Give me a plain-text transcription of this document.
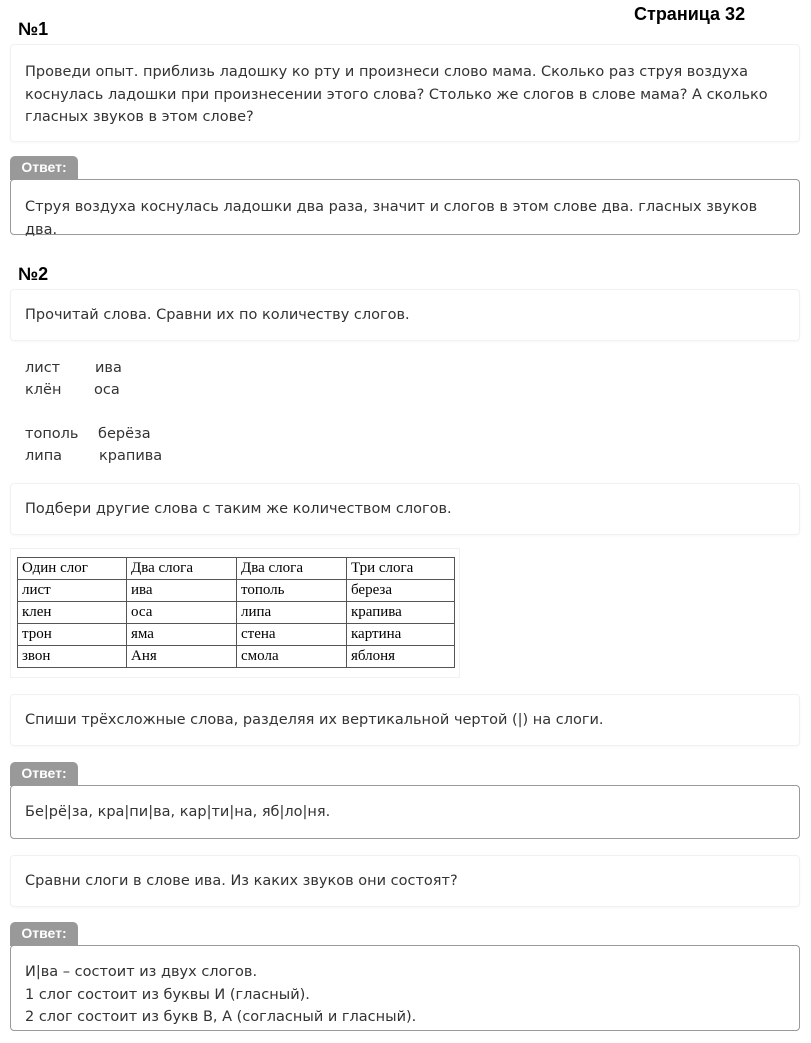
Страница 32
№1
Проведи опыт. приблизь ладошку ко рту и произнеси слово мама. Сколько раз струя воздуха
коснулась ладошки при произнесении этого слова? Столько же слогов в слове мама? А сколько
гласных звуков в этом слове?
Ответ:
Струя воздуха коснулась ладошки два раза, значит и слогов в этом слове два. гласных звуков два.
№2
Прочитай слова. Сравни их по количеству слогов.
лист ива
клён оса
тополь берёза
липа	крапива
Подбери другие слова с таким же количеством слогов.
Один слог	Два слога	Два слога	Три слога
лист	ива	тополь	береза
клен	оса	липа	крапива
трон	яма	стена	картина
звон	Аня	смола	яблоня
Спиши трёхсложные слова, разделяя их вертикальной чертой (|) на слоги.
Ответ:
Бе|рё|за, кра|пи|ва, кар|ти|на, яб|ло|ня.
Сравни слоги в слове ива. Из каких звуков они состоят?
Ответ:
И|ва – состоит из двух слогов.
1 слог состоит из буквы И (гласный).
2 слог состоит из букв В, А (согласный и гласный).
